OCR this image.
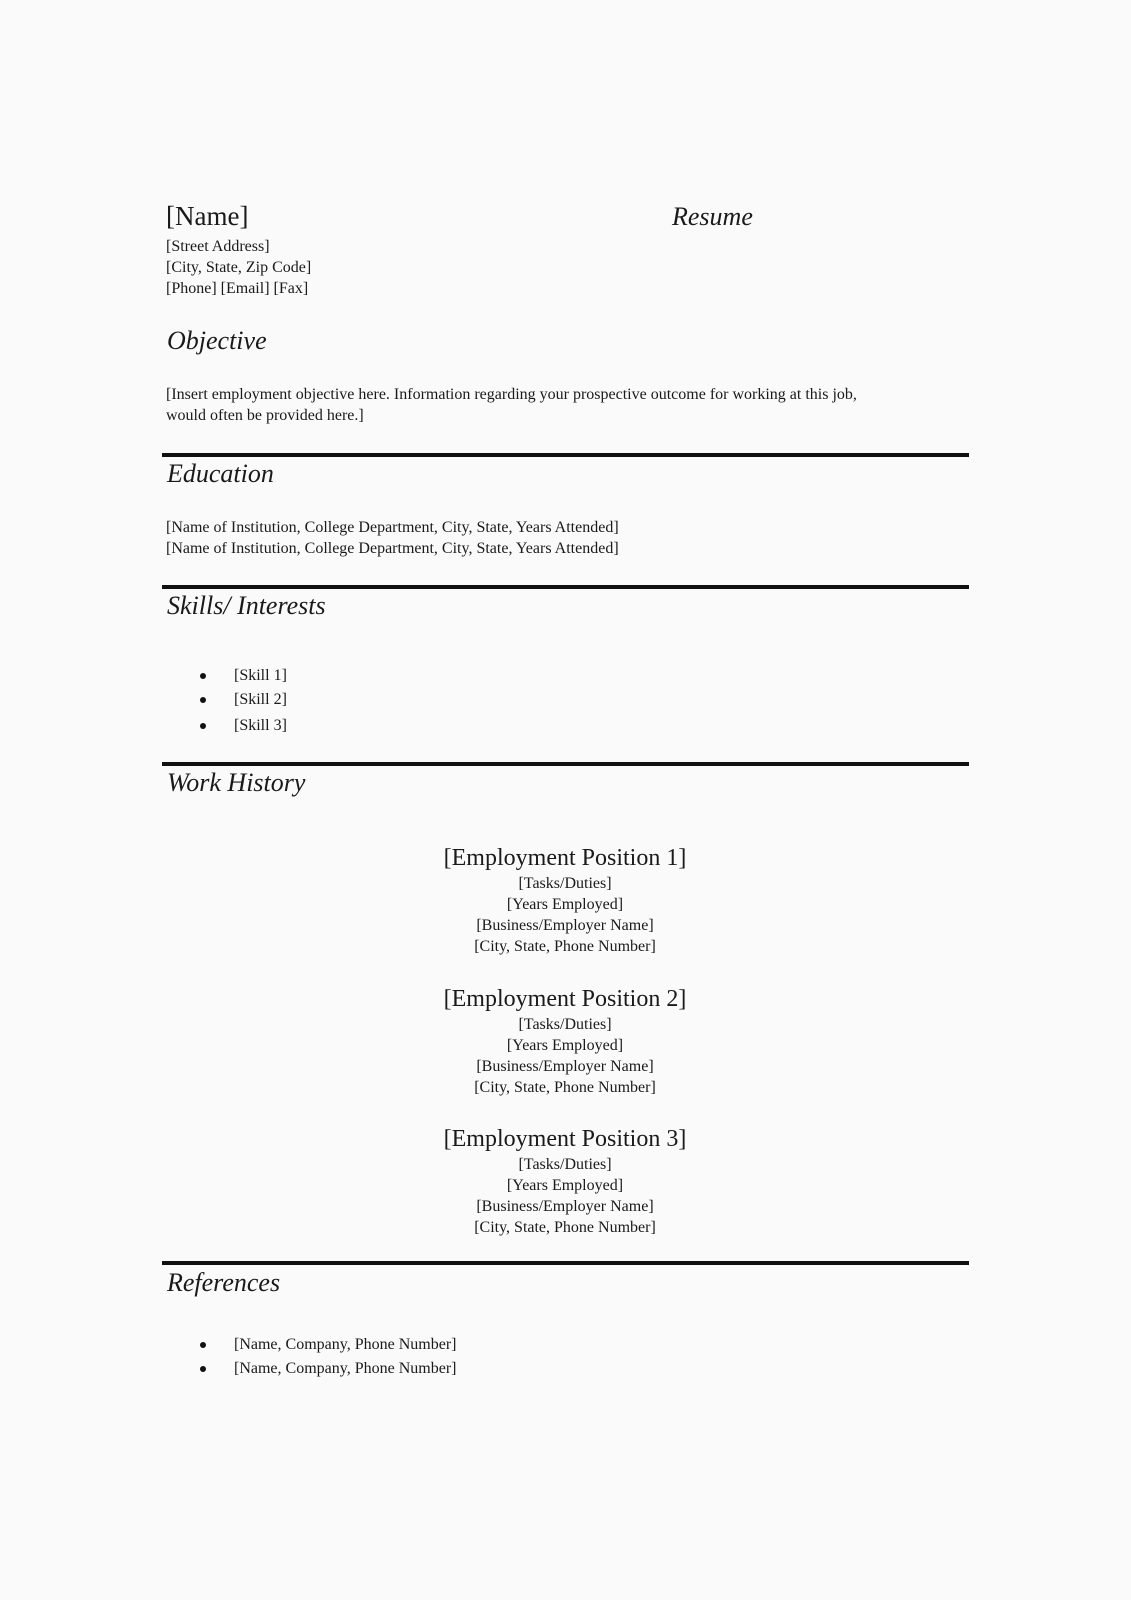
[Name]	Resume
[Street Address]
[City, State, Zip Code]
[Phone] [Email] [Fax]
Objective
[Insert employment objective here. Information regarding your prospective outcome for working at this job,
would often be provided here.]
Education
[Name of Institution, College Department, City, State, Years Attended]
[Name of Institution, College Department, City, State, Years Attended]
Skills/ Interests
[Skill 1]
[Skill 2]
[Skill 3]
Work History
[Employment Position 1]
[Tasks/Duties]
[Years Employed]
[Business/Employer Name]
[City, State, Phone Number]
[Employment Position 2]
[Tasks/Duties]
[Years Employed]
[Business/Employer Name]
[City, State, Phone Number]
[Employment Position 3]
[Tasks/Duties]
[Years Employed]
[Business/Employer Name]
[City, State, Phone Number]
References
[Name, Company, Phone Number]
[Name, Company, Phone Number]
